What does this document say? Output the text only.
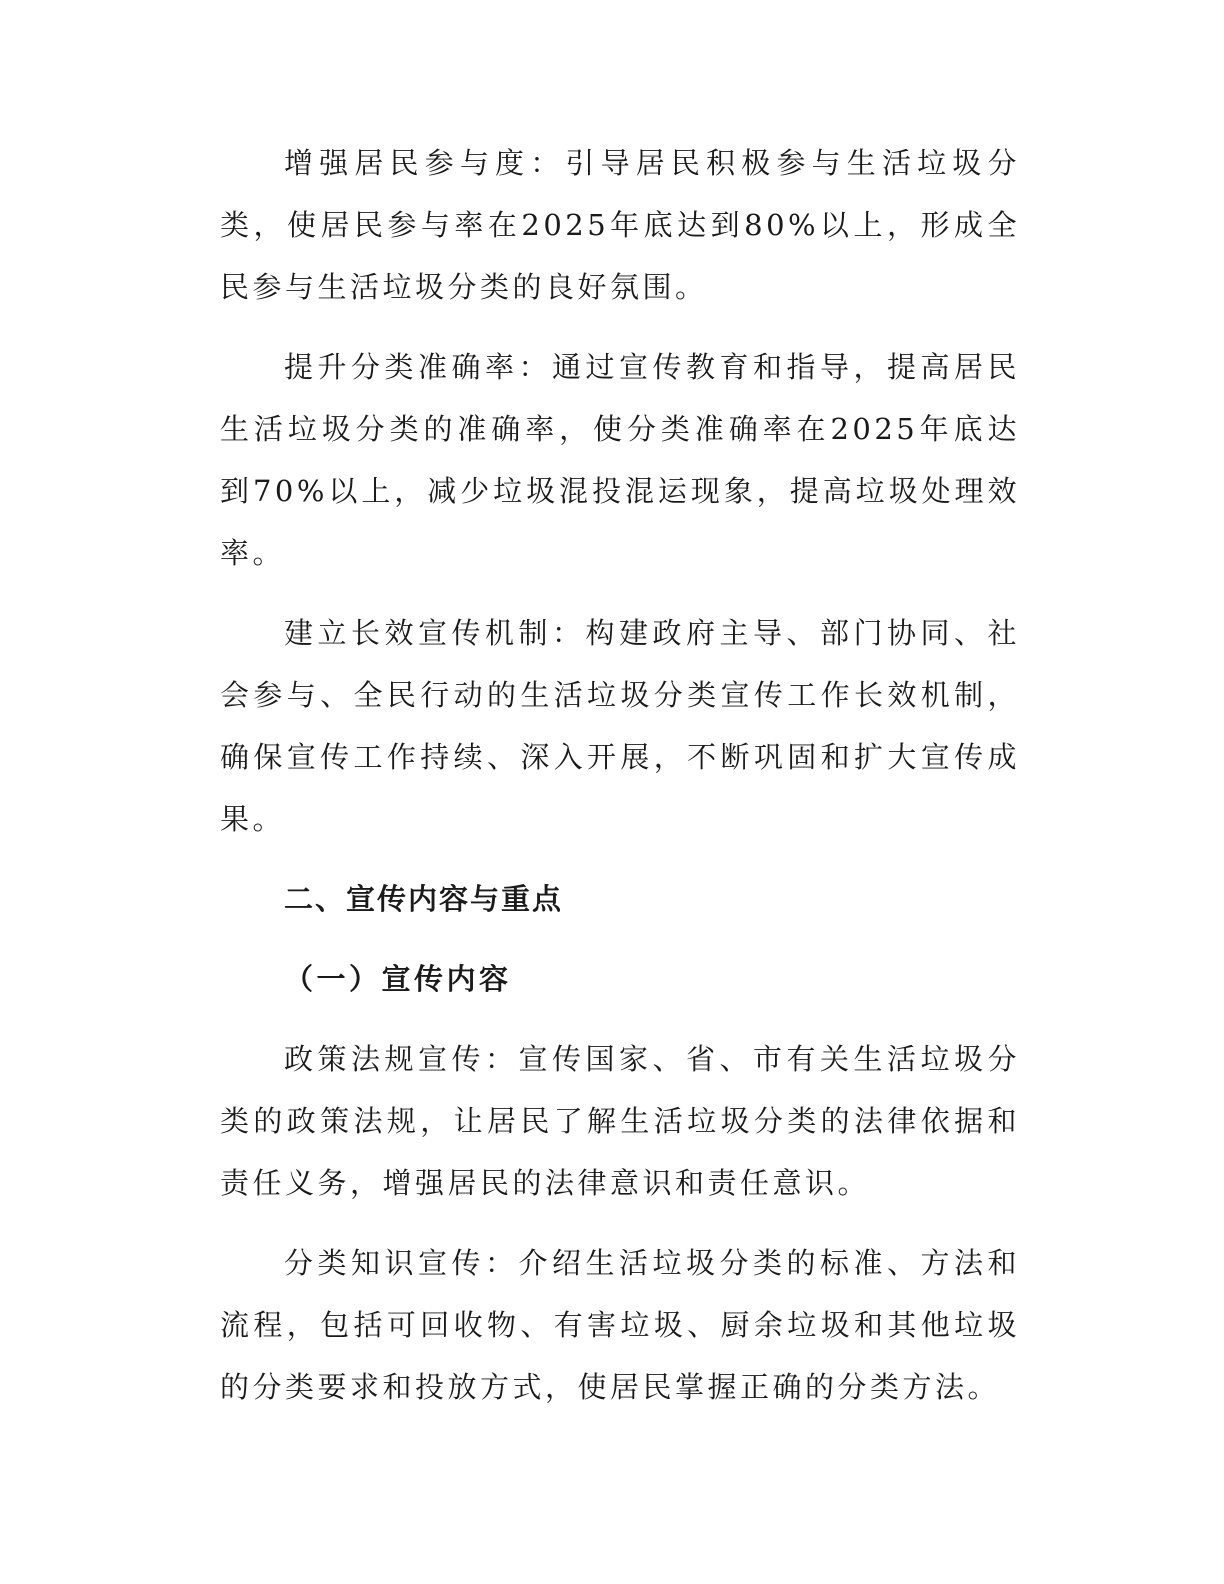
增强居民参与度：引导居民积极参与生活垃圾分类，使居民参与率在2025年底达到80%以上，形成全民参与生活垃圾分类的良好氛围。

提升分类准确率：通过宣传教育和指导，提高居民生活垃圾分类的准确率，使分类准确率在2025年底达到70%以上，减少垃圾混投混运现象，提高垃圾处理效率。

建立长效宣传机制：构建政府主导、部门协同、社会参与、全民行动的生活垃圾分类宣传工作长效机制，确保宣传工作持续、深入开展，不断巩固和扩大宣传成果。

二、宣传内容与重点
（一）宣传内容

政策法规宣传：宣传国家、省、市有关生活垃圾分类的政策法规，让居民了解生活垃圾分类的法律依据和责任义务，增强居民的法律意识和责任意识。

分类知识宣传：介绍生活垃圾分类的标准、方法和流程，包括可回收物、有害垃圾、厨余垃圾和其他垃圾的分类要求和投放方式，使居民掌握正确的分类方法。
